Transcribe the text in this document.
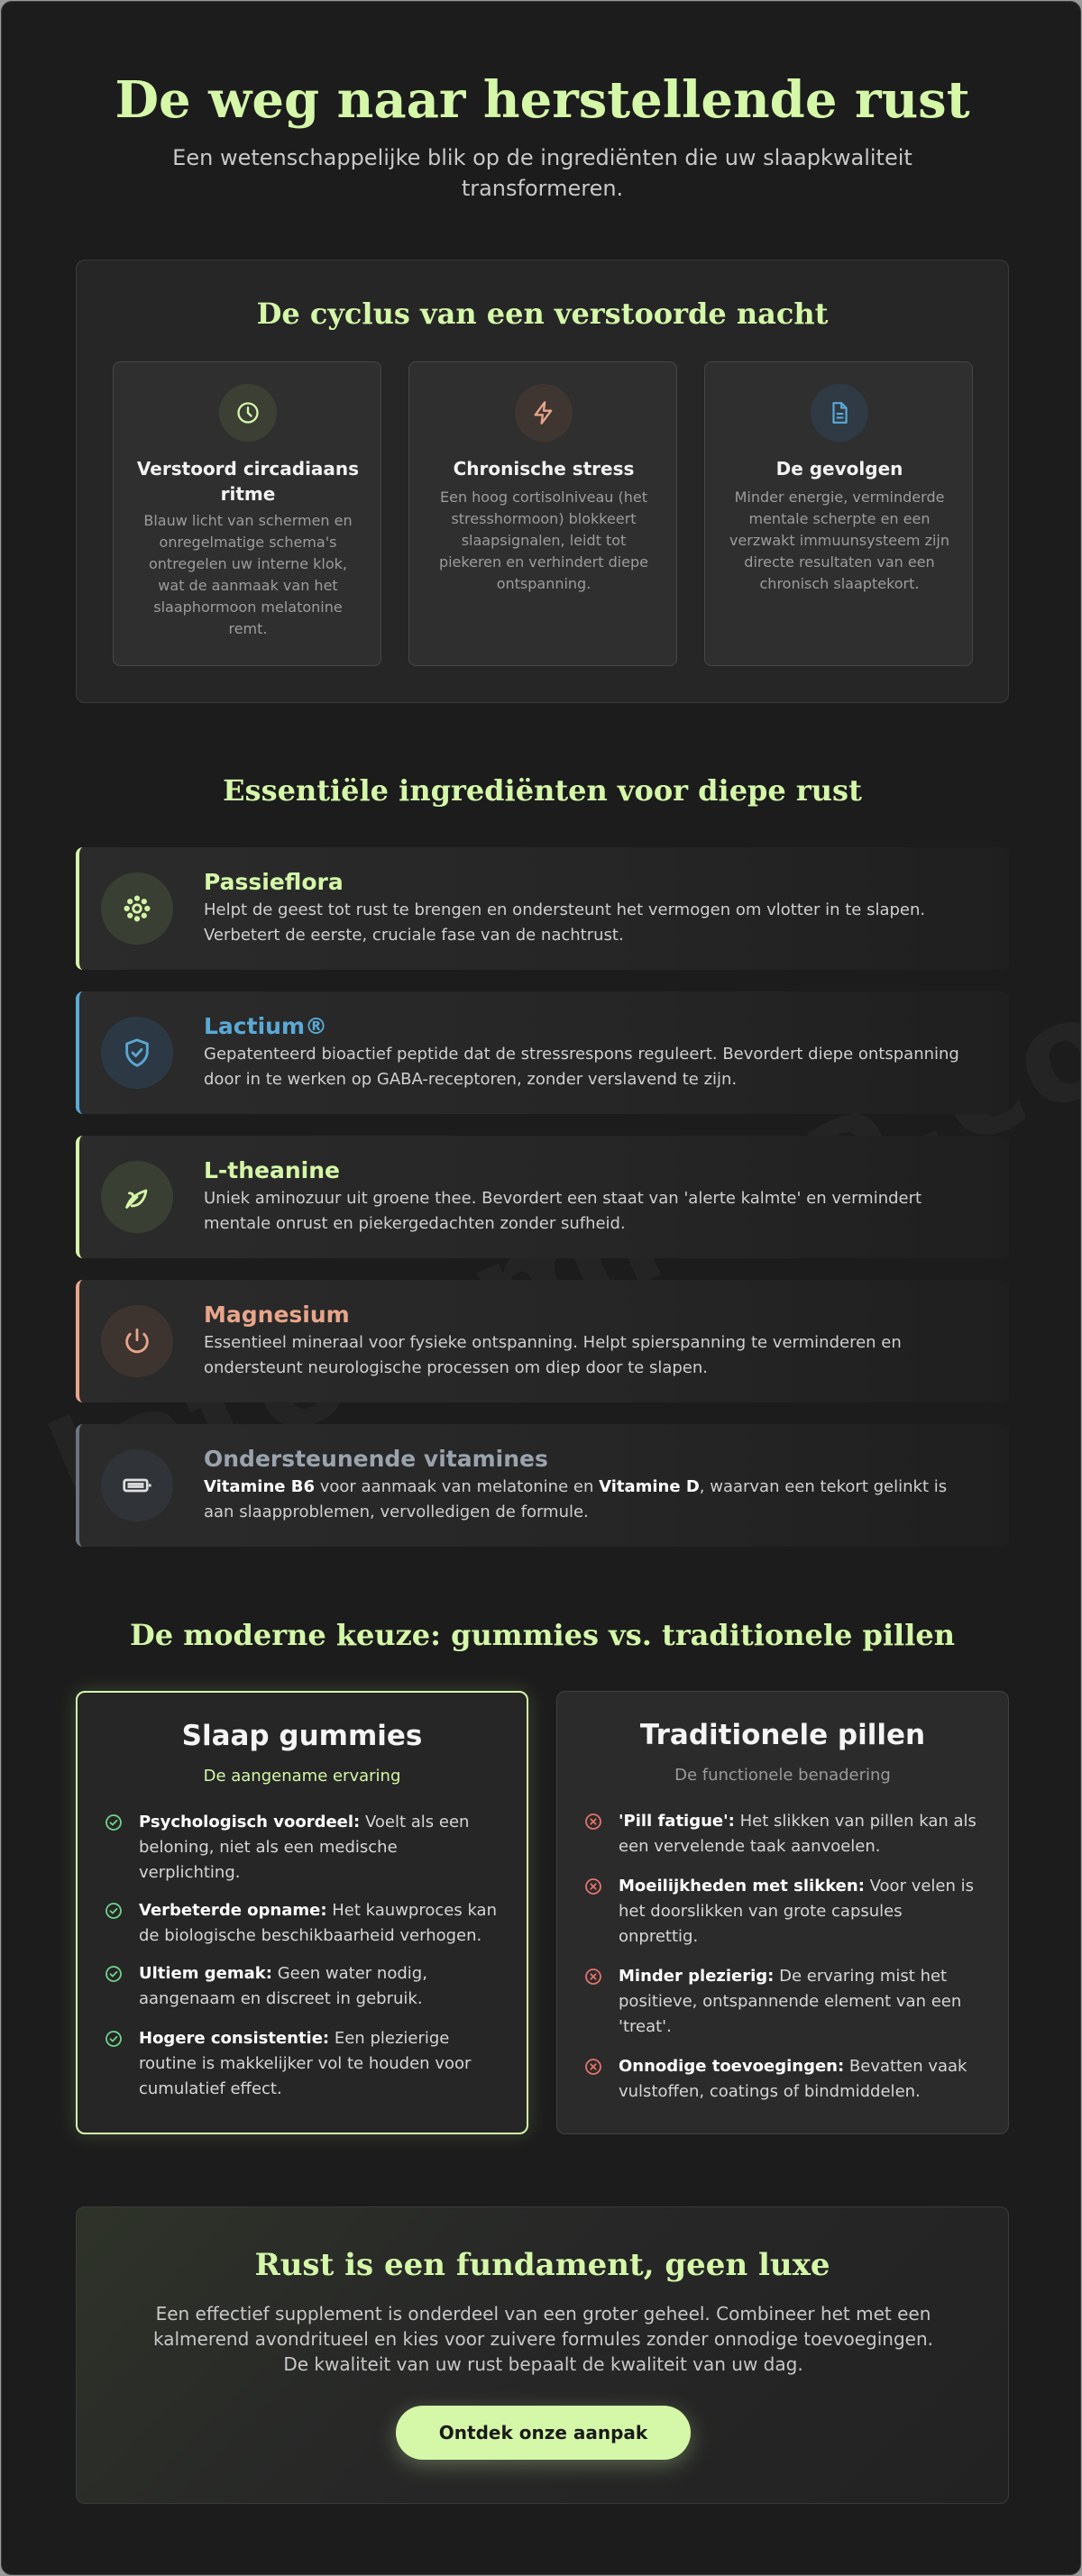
De weg naar herstellende rust

Een wetenschappelijke blik op de ingrediënten die uw slaapkwaliteit transformeren.

De cyclus van een verstoorde nacht
Verstoord circadiaans ritme
Blauw licht van schermen en onregelmatige schema's ontregelen uw interne klok, wat de aanmaak van het slaaphormoon melatonine remt.
Chronische stress
Een hoog cortisolniveau (het stresshormoon) blokkeert slaapsignalen, leidt tot piekeren en verhindert diepe ontspanning.
De gevolgen
Minder energie, verminderde mentale scherpte en een verzwakt immuunsysteem zijn directe resultaten van een chronisch slaaptekort.
Essentiële ingrediënten voor diepe rust
Passieflora
Helpt de geest tot rust te brengen en ondersteunt het vermogen om vlotter in te slapen. Verbetert de eerste, cruciale fase van de nachtrust.
Lactium®
Gepatenteerd bioactief peptide dat de stressrespons reguleert. Bevordert diepe ontspanning door in te werken op GABA-receptoren, zonder verslavend te zijn.
L-theanine
Uniek aminozuur uit groene thee. Bevordert een staat van 'alerte kalmte' en vermindert mentale onrust en piekergedachten zonder sufheid.
Magnesium
Essentieel mineraal voor fysieke ontspanning. Helpt spierspanning te verminderen en ondersteunt neurologische processen om diep door te slapen.
Ondersteunende vitamines
Vitamine B6 voor aanmaak van melatonine en Vitamine D, waarvan een tekort gelinkt is aan slaapproblemen, vervolledigen de formule.
De moderne keuze: gummies vs. traditionele pillen
Slaap gummies
De aangename ervaring
Psychologisch voordeel: Voelt als een beloning, niet als een medische verplichting.
Verbeterde opname: Het kauwproces kan de biologische beschikbaarheid verhogen.
Ultiem gemak: Geen water nodig, aangenaam en discreet in gebruik.
Hogere consistentie: Een plezierige routine is makkelijker vol te houden voor cumulatief effect.
Traditionele pillen
De functionele benadering
'Pill fatigue': Het slikken van pillen kan als een vervelende taak aanvoelen.
Moeilijkheden met slikken: Voor velen is het doorslikken van grote capsules onprettig.
Minder plezierig: De ervaring mist het positieve, ontspannende element van een 'treat'.
Onnodige toevoegingen: Bevatten vaak vulstoffen, coatings of bindmiddelen.
Rust is een fundament, geen luxe

Een effectief supplement is onderdeel van een groter geheel. Combineer het met een kalmerend avondritueel en kies voor zuivere formules zonder onnodige toevoegingen. De kwaliteit van uw rust bepaalt de kwaliteit van uw dag.

Ontdek onze aanpak
